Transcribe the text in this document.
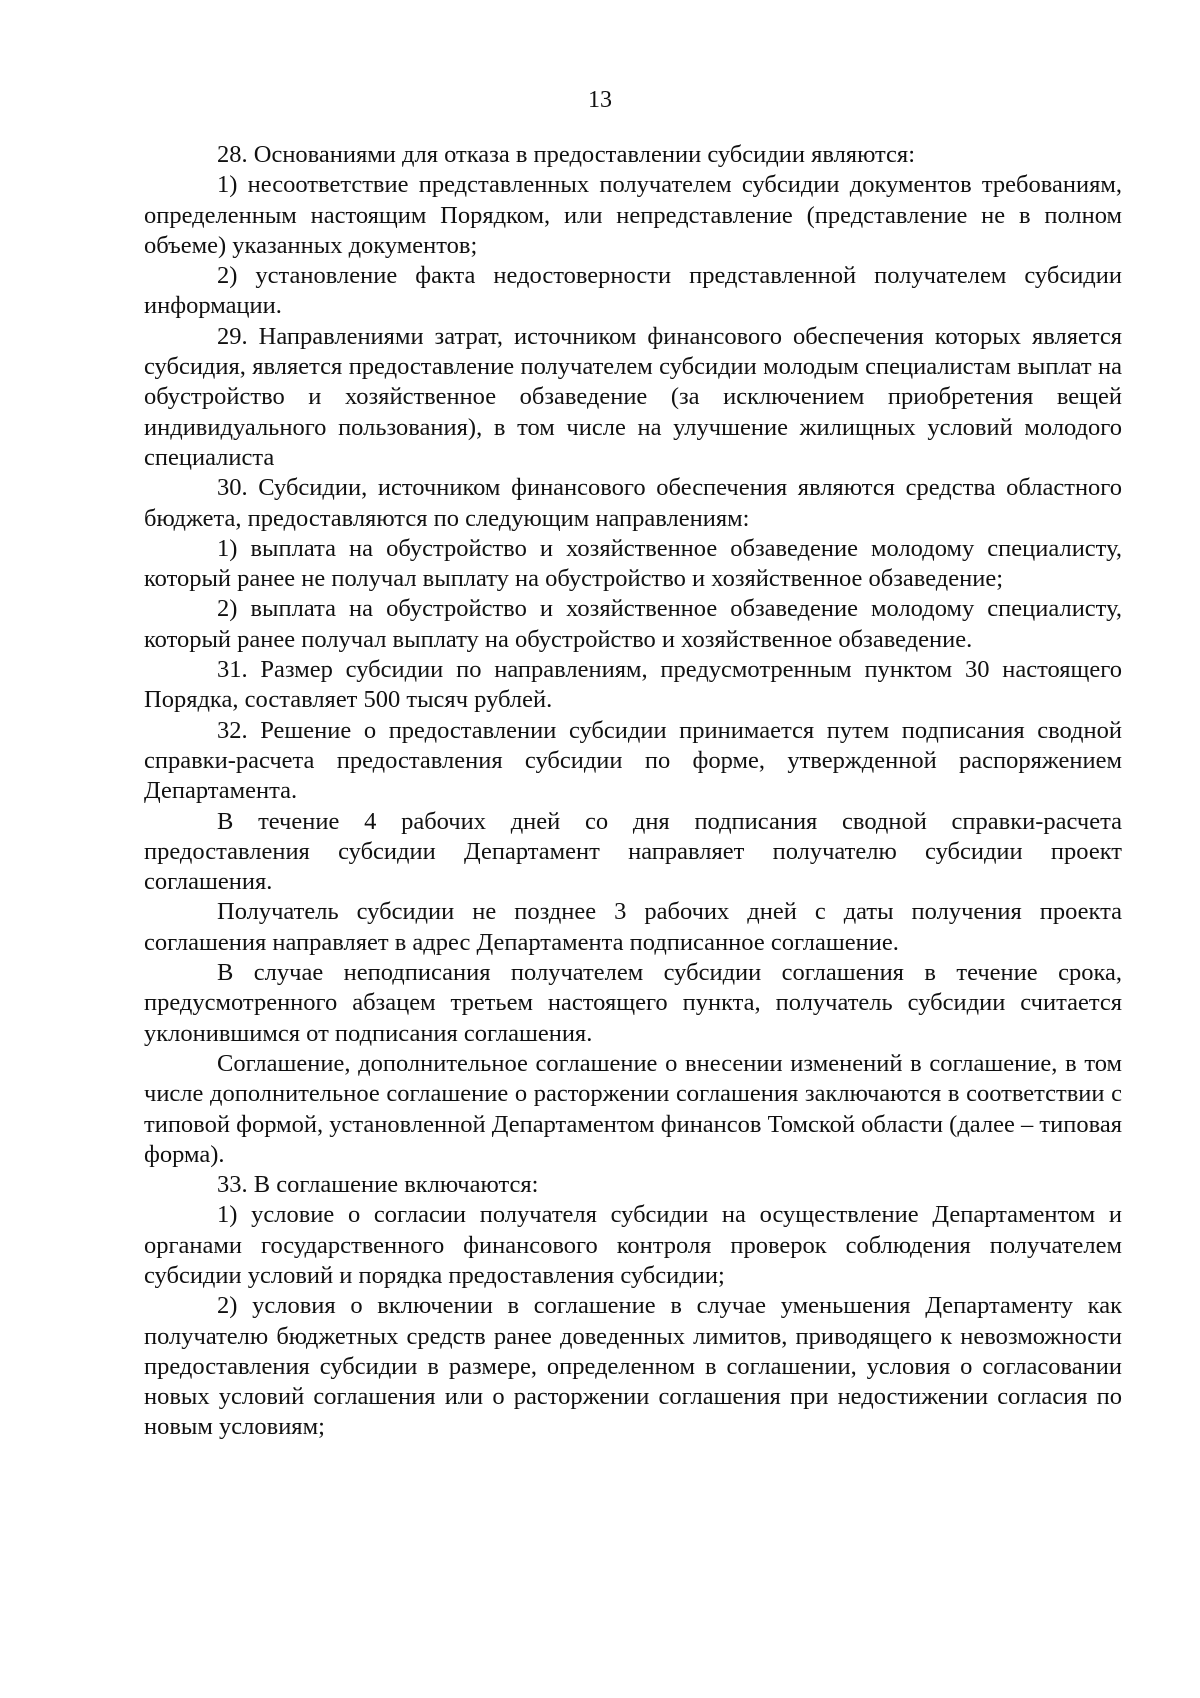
13

28. Основаниями для отказа в предоставлении субсидии являются:

1) несоответствие представленных получателем субсидии документов требованиям, определенным настоящим Порядком, или непредставление (представление не в полном объеме) указанных документов;

2) установление факта недостоверности представленной получателем субсидии информации.

29. Направлениями затрат, источником финансового обеспечения которых является субсидия, является предоставление получателем субсидии молодым специалистам выплат на обустройство и хозяйственное обзаведение (за исключением приобретения вещей индивидуального пользования), в том числе на улучшение жилищных условий молодого специалиста

30. Субсидии, источником финансового обеспечения являются средства областного бюджета, предоставляются по следующим направлениям:

1) выплата на обустройство и хозяйственное обзаведение молодому специалисту, который ранее не получал выплату на обустройство и хозяйственное обзаведение;

2) выплата на обустройство и хозяйственное обзаведение молодому специалисту, который ранее получал выплату на обустройство и хозяйственное обзаведение.

31. Размер субсидии по направлениям, предусмотренным пунктом 30 настоящего Порядка, составляет 500 тысяч рублей.

32. Решение о предоставлении субсидии принимается путем подписания сводной справки-расчета предоставления субсидии по форме, утвержденной распоряжением Департамента.

В течение 4 рабочих дней со дня подписания сводной справки-расчета предоставления субсидии Департамент направляет получателю субсидии проект соглашения.

Получатель субсидии не позднее 3 рабочих дней с даты получения проекта соглашения направляет в адрес Департамента подписанное соглашение.

В случае неподписания получателем субсидии соглашения в течение срока, предусмотренного абзацем третьем настоящего пункта, получатель субсидии считается уклонившимся от подписания соглашения.

Соглашение, дополнительное соглашение о внесении изменений в соглашение, в том числе дополнительное соглашение о расторжении соглашения заключаются в соответствии с типовой формой, установленной Департаментом финансов Томской области (далее – типовая форма).

33. В соглашение включаются:

1) условие о согласии получателя субсидии на осуществление Департаментом и органами государственного финансового контроля проверок соблюдения получателем субсидии условий и порядка предоставления субсидии;

2) условия о включении в соглашение в случае уменьшения Департаменту как получателю бюджетных средств ранее доведенных лимитов, приводящего к невозможности предоставления субсидии в размере, определенном в соглашении, условия о согласовании новых условий соглашения или о расторжении соглашения при недостижении согласия по новым условиям;
